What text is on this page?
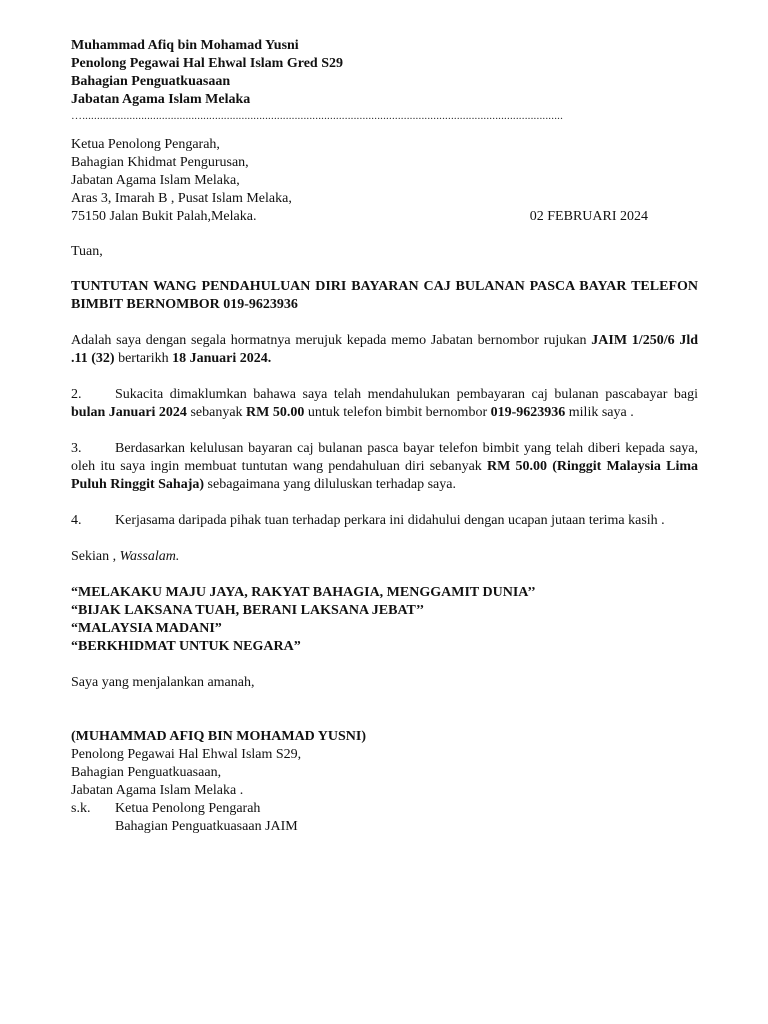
Muhammad Afiq bin Mohamad Yusni
Penolong Pegawai Hal Ehwal Islam Gred S29
Bahagian Penguatkuasaan
Jabatan Agama Islam Melaka
…...................................................................................................................................................................
Ketua Penolong Pengarah,
Bahagian Khidmat Pengurusan,
Jabatan Agama Islam Melaka,
Aras 3, Imarah B , Pusat Islam Melaka,
75150 Jalan Bukit Palah,Melaka.	02 FEBRUARI 2024
Tuan,
TUNTUTAN WANG PENDAHULUAN DIRI BAYARAN CAJ BULANAN PASCA BAYAR TELEFON BIMBIT BERNOMBOR 019-9623936
Adalah saya dengan segala hormatnya merujuk kepada memo Jabatan bernombor rujukan JAIM 1/250/6 Jld .11 (32) bertarikh 18 Januari 2024.
2. Sukacita dimaklumkan bahawa saya telah mendahulukan pembayaran caj bulanan pascabayar bagi bulan Januari 2024 sebanyak RM 50.00 untuk telefon bimbit bernombor 019-9623936 milik saya .
3. Berdasarkan kelulusan bayaran caj bulanan pasca bayar telefon bimbit yang telah diberi kepada saya, oleh itu saya ingin membuat tuntutan wang pendahuluan diri sebanyak RM 50.00 (Ringgit Malaysia Lima Puluh Ringgit Sahaja) sebagaimana yang diluluskan terhadap saya.
4. Kerjasama daripada pihak tuan terhadap perkara ini didahului dengan ucapan jutaan terima kasih .
Sekian , Wassalam.
“MELAKAKU MAJU JAYA, RAKYAT BAHAGIA, MENGGAMIT DUNIA’’
“BIJAK LAKSANA TUAH, BERANI LAKSANA JEBAT’’
“MALAYSIA MADANI”
“BERKHIDMAT UNTUK NEGARA”
Saya yang menjalankan amanah,
(MUHAMMAD AFIQ BIN MOHAMAD YUSNI)
Penolong Pegawai Hal Ehwal Islam S29,
Bahagian Penguatkuasaan,
Jabatan Agama Islam Melaka .
s.k.	Ketua Penolong Pengarah
Bahagian Penguatkuasaan JAIM
